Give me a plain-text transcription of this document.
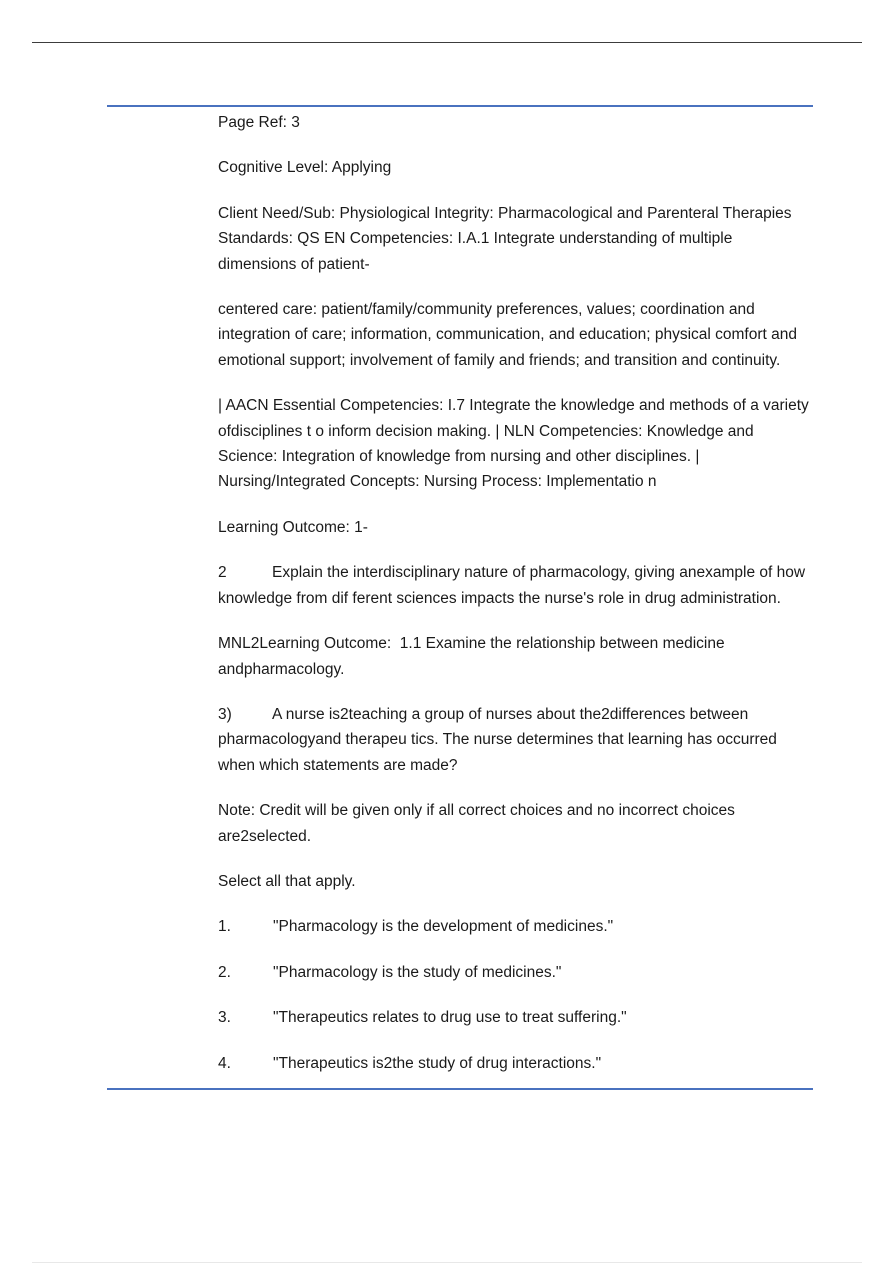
Page Ref: 3

Cognitive Level: Applying

Client Need/Sub: Physiological Integrity: Pharmacological and Parenteral Therapies Standards: QS EN Competencies: I.A.1 Integrate understanding of multiple dimensions of patient-

centered care: patient/family/community preferences, values; coordination and integration of care; information, communication, and education; physical comfort and emotional support; involvement of family and friends; and transition and continuity.

| AACN Essential Competencies: I.7 Integrate the knowledge and methods of a variety ofdisciplines t o inform decision making. | NLN Competencies: Knowledge and Science: Integration of knowledge from nursing and other disciplines. | Nursing/Integrated Concepts: Nursing Process: Implementatio n

Learning Outcome: 1-

2	Explain the interdisciplinary nature of pharmacology, giving anexample of how knowledge from dif ferent sciences impacts the nurse's role in drug administration.

MNL2Learning Outcome:  1.1 Examine the relationship between medicine andpharmacology.

3)	A nurse is2teaching a group of nurses about the2differences between pharmacologyand therapeu tics. The nurse determines that learning has occurred when which statements are made?

Note: Credit will be given only if all correct choices and no incorrect choices are2selected.

Select all that apply.

1.	"Pharmacology is the development of medicines."

2.	"Pharmacology is the study of medicines."

3.	"Therapeutics relates to drug use to treat suffering."

4.	"Therapeutics is2the study of drug interactions."
